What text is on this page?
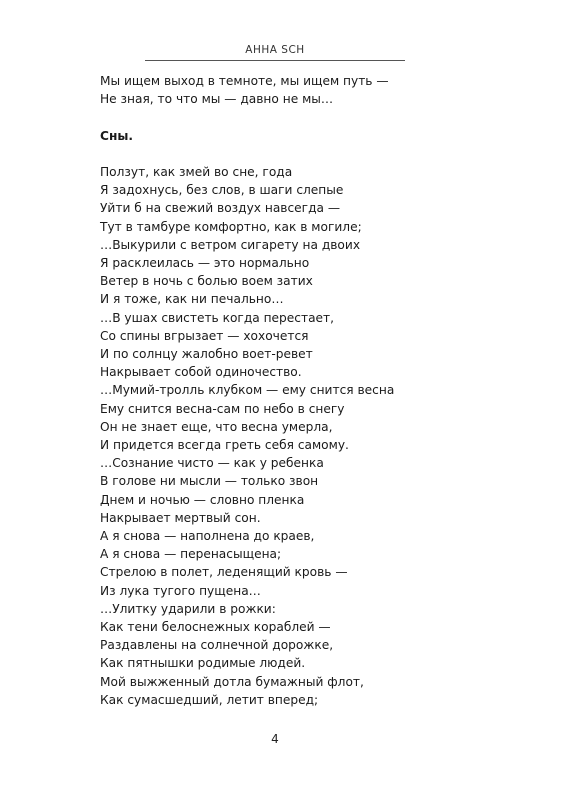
АННА SCH
Мы ищем выход в темноте, мы ищем путь —
Не зная, то что мы — давно не мы…
Сны.
Ползут, как змей во сне, года
Я задохнусь, без слов, в шаги слепые
Уйти б на свежий воздух навсегда —
Тут в тамбуре комфортно, как в могиле;
…Выкурили с ветром сигарету на двоих
Я расклеилась — это нормально
Ветер в ночь с болью воем затих
И я тоже, как ни печально…
…В ушах свистеть когда перестает,
Со спины вгрызает — хохочется
И по солнцу жалобно воет-ревет
Накрывает собой одиночество.
…Мумий-тролль клубком — ему снится весна
Ему снится весна-сам по небо в снегу
Он не знает еще, что весна умерла,
И придется всегда греть себя самому.
…Сознание чисто — как у ребенка
В голове ни мысли — только звон
Днем и ночью — словно пленка
Накрывает мертвый сон.
А я снова — наполнена до краев,
А я снова — перенасыщена;
Стрелою в полет, леденящий кровь —
Из лука тугого пущена…
…Улитку ударили в рожки:
Как тени белоснежных кораблей —
Раздавлены на солнечной дорожке,
Как пятнышки родимые людей.
Мой выжженный дотла бумажный флот,
Как сумасшедший, летит вперед;
4
